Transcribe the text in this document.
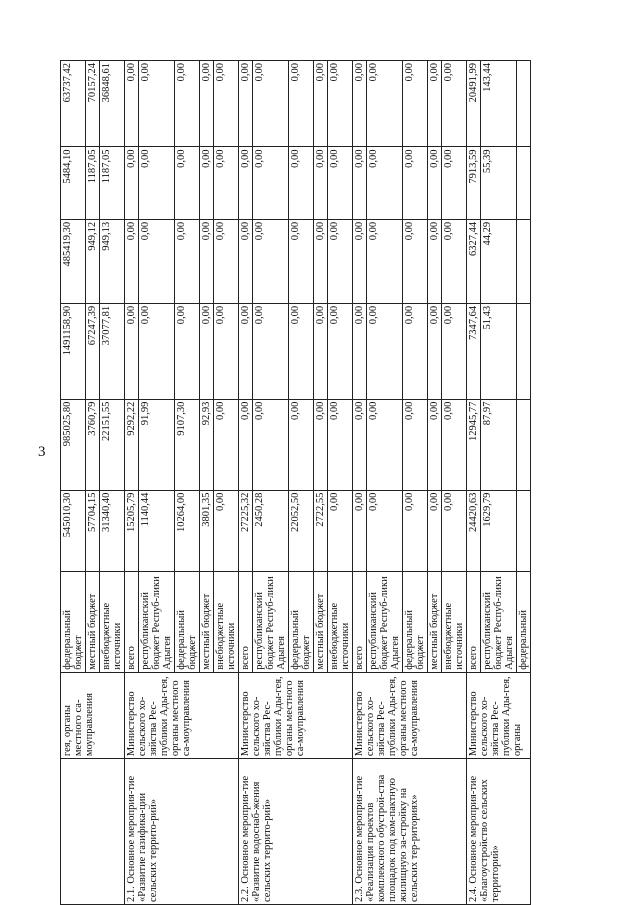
3
	гея, органы местного са-моуправления	федеральный бюджет	545010,30	985025,80	1491158,90	485419,30	5484,10	63737,42
		местный бюджет	57704,15	3760,79	67247,39	949,12	1187,05	70157,24
		внебюджетные источники	31340,40	22151,55	37077,81	949,13	1187,05	36848,61
2.1. Основное мероприя-тие «Развитие газифика-ции сельских террито-рий»	Министерство сельского хо-зяйства Рес-публики Ады-гея, органы местного са-моуправления	всего	15205,79	9292,22	0,00	0,00	0,00	0,00
		республиканский бюджет Респуб-лики Адыгея	1140,44	91,99	0,00	0,00	0,00	0,00
		федеральный бюджет	10264,00	9107,30	0,00	0,00	0,00	0,00
		местный бюджет	3801,35	92,93	0,00	0,00	0,00	0,00
		внебюджетные источники	0,00	0,00	0,00	0,00	0,00	0,00
2.2. Основное мероприя-тие «Развитие водоснаб-жения сельских террито-рий»	Министерство сельского хо-зяйства Рес-публики Ады-гея, органы местного са-моуправления	всего	27225,32	0,00	0,00	0,00	0,00	0,00
		республиканский бюджет Респуб-лики Адыгея	2450,28	0,00	0,00	0,00	0,00	0,00
		федеральный бюджет	22052,50	0,00	0,00	0,00	0,00	0,00
		местный бюджет	2722,55	0,00	0,00	0,00	0,00	0,00
		внебюджетные источники	0,00	0,00	0,00	0,00	0,00	0,00
2.3. Основное мероприя-тие «Реализация проектов комплексного обустрой-ства площадок под ком-пактную жилищную за-стройку на сельских тер-риториях»	Министерство сельского хо-зяйства Рес-публики Ады-гея, органы местного са-моуправления	всего	0,00	0,00	0,00	0,00	0,00	0,00
		республиканский бюджет Респуб-лики Адыгея	0,00	0,00	0,00	0,00	0,00	0,00
		федеральный бюджет	0,00	0,00	0,00	0,00	0,00	0,00
		местный бюджет	0,00	0,00	0,00	0,00	0,00	0,00
		внебюджетные источники	0,00	0,00	0,00	0,00	0,00	0,00
2.4. Основное мероприя-тие «Благоустройство сельских территорий»	Министерство сельского хо-зяйства Рес-публики Ады-гея, органы	всего	24420,63	12945,77	7347,64	6327,44	7913,59	20491,99
		республиканский бюджет Респуб-лики Адыгея	1629,79	87,97	51,43	44,29	55,39	143,44
		федеральный						
